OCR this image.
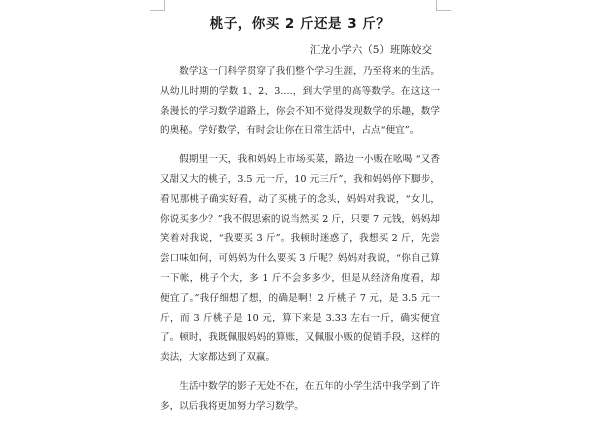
桃子，你买 2 斤还是 3 斤？
汇龙小学六（5）班陈姣交

数学这一门科学贯穿了我们整个学习生涯，乃至将来的生活。从幼儿时期的学数 1、2、3....，到大学里的高等数学。在这这一条漫长的学习数学道路上，你会不知不觉得发现数学的乐趣，数学的奥秘。学好数学，有时会让你在日常生活中，占点“便宜”。

假期里一天，我和妈妈上市场买菜，路边一小贩在吆喝 “又香又甜又大的桃子，3.5 元一斤，10 元三斤”，我和妈妈停下脚步，看见那桃子确实好看，动了买桃子的念头，妈妈对我说，“女儿，你说买多少？”我不假思索的说当然买 2 斤，只要 7 元钱，妈妈却笑着对我说，“我要买 3 斤”。我顿时迷惑了，我想买 2 斤，先尝尝口味如何，可妈妈为什么要买 3 斤呢？妈妈对我说，“你自己算一下帐，桃子个大，多 1 斤不会多多少，但是从经济角度看，却便宜了。”我仔细想了想，的确是啊！2 斤桃子 7 元，是 3.5 元一斤，而 3 斤桃子是 10 元，算下来是 3.33 左右一斤，确实便宜了。顿时，我既佩服妈妈的算账，又佩服小贩的促销手段，这样的卖法，大家都达到了双赢。

生活中数学的影子无处不在，在五年的小学生活中我学到了许多，以后我将更加努力学习数学。
